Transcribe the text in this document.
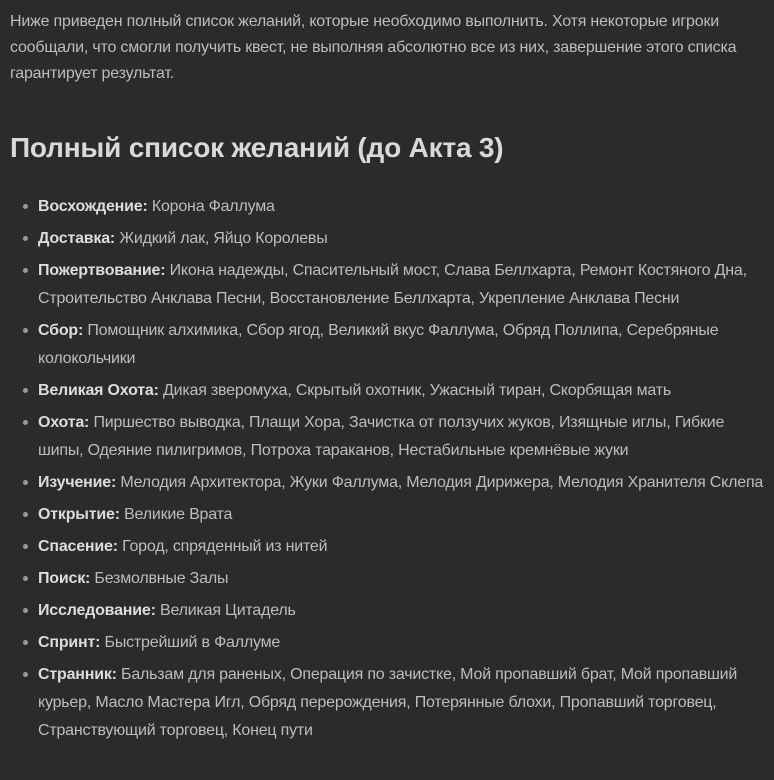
Ниже приведен полный список желаний, которые необходимо выполнить. Хотя некоторые игроки сообщали, что смогли получить квест, не выполняя абсолютно все из них, завершение этого списка гарантирует результат.

Полный список желаний (до Акта 3)
Восхождение: Корона Фаллума
Доставка: Жидкий лак, Яйцо Королевы
Пожертвование: Икона надежды, Спасительный мост, Слава Беллхарта, Ремонт Костяного Дна, Строительство Анклава Песни, Восстановление Беллхарта, Укрепление Анклава Песни
Сбор: Помощник алхимика, Сбор ягод, Великий вкус Фаллума, Обряд Поллипа, Серебряные колокольчики
Великая Охота: Дикая зверомуха, Скрытый охотник, Ужасный тиран, Скорбящая мать
Охота: Пиршество выводка, Плащи Хора, Зачистка от ползучих жуков, Изящные иглы, Гибкие шипы, Одеяние пилигримов, Потроха тараканов, Нестабильные кремнёвые жуки
Изучение: Мелодия Архитектора, Жуки Фаллума, Мелодия Дирижера, Мелодия Хранителя Склепа
Открытие: Великие Врата
Спасение: Город, спряденный из нитей
Поиск: Безмолвные Залы
Исследование: Великая Цитадель
Спринт: Быстрейший в Фаллуме
Странник: Бальзам для раненых, Операция по зачистке, Мой пропавший брат, Мой пропавший курьер, Масло Мастера Игл, Обряд перерождения, Потерянные блохи, Пропавший торговец, Странствующий торговец, Конец пути
